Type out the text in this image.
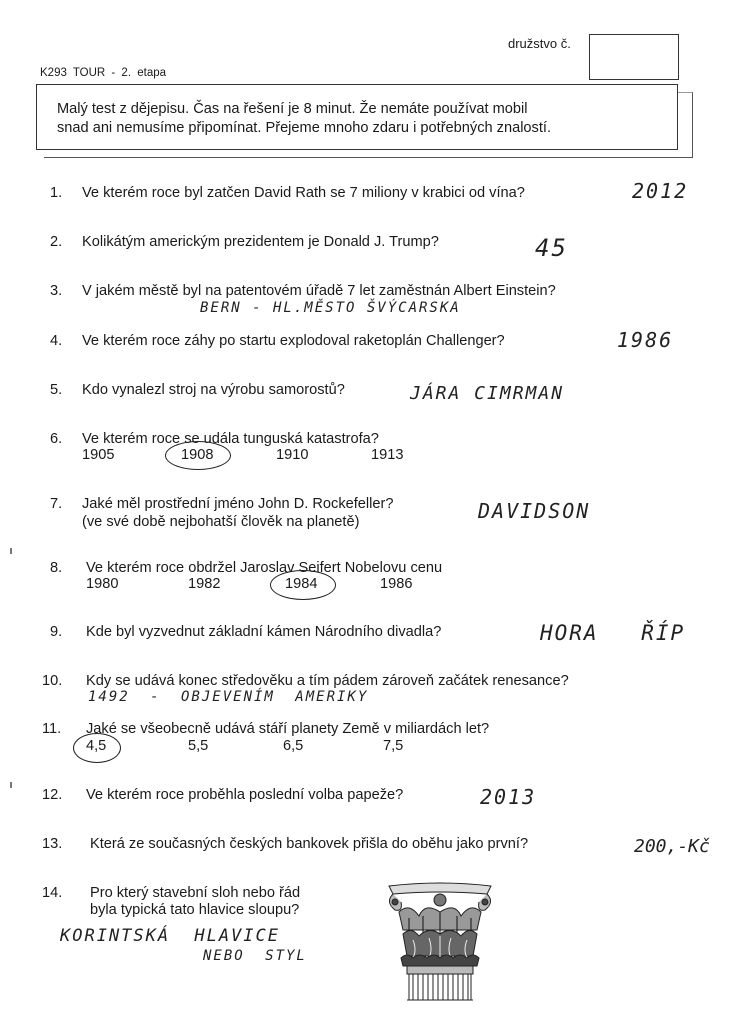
družstvo č.
K293 TOUR - 2. etapa
Malý test z dějepisu. Čas na řešení je 8 minut. Že nemáte používat mobil
snad ani nemusíme připomínat. Přejeme mnoho zdaru i potřebných znalostí.
1. Ve kterém roce byl zatčen David Rath se 7 miliony v krabici od vína?	2012
2. Kolikátým americkým prezidentem je Donald J. Trump?	45
3. V jakém městě byl na patentovém úřadě 7 let zaměstnán Albert Einstein?
BERN - HL.MĚSTO ŠVÝCARSKA
4. Ve kterém roce záhy po startu explodoval raketoplán Challenger?	1986
5. Kdo vynalezl stroj na výrobu samorostů?	JÁRA CIMRMAN
6. Ve kterém roce se udála tunguská katastrofa?
1905	1908	1910	1913
7. Jaké měl prostřední jméno John D. Rockefeller?
(ve své době nejbohatší člověk na planetě)	DAVIDSON
8. Ve kterém roce obdržel Jaroslav Seifert Nobelovu cenu
1980	1982	1984	1986
9. Kde byl vyzvednut základní kámen Národního divadla?	HORA ŘÍP
10. Kdy se udává konec středověku a tím pádem zároveň začátek renesance?
1492 - OBJEVENÍM AMERIKY
11. Jaké se všeobecně udává stáří planety Země v miliardách let?
4,5	5,5	6,5	7,5
12. Ve kterém roce proběhla poslední volba papeže?	2013
13. Která ze současných českých bankovek přišla do oběhu jako první?	200,-Kč
14. Pro který stavební sloh nebo řád
byla typická tato hlavice sloupu?
KORINTSKÁ HLAVICE
NEBO STYL
